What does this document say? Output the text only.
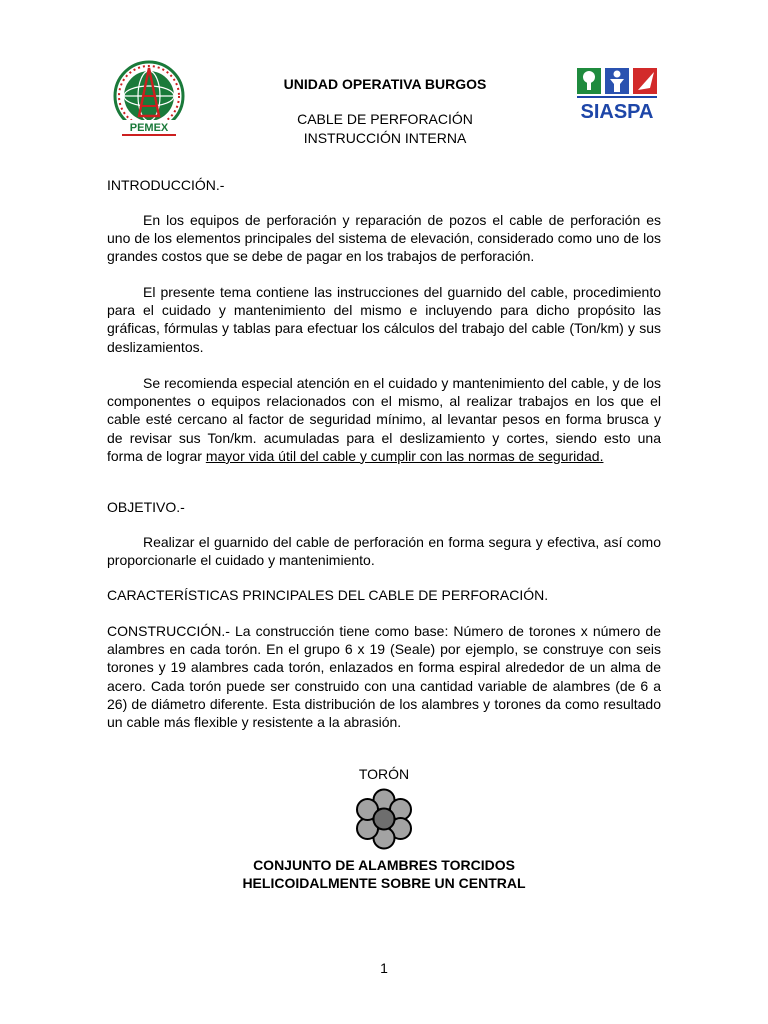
PEMEX
UNIDAD OPERATIVA BURGOS
CABLE DE PERFORACIÓN
INSTRUCCIÓN INTERNA
SIASPA
INTRODUCCIÓN.-
En los equipos de perforación y reparación de pozos el cable de perforación es uno de los elementos principales del sistema de elevación, considerado como uno de los grandes costos que se debe de pagar en los trabajos de perforación.
El presente tema contiene las instrucciones del guarnido del cable, procedimiento para el cuidado y mantenimiento del mismo e incluyendo para dicho propósito las gráficas, fórmulas y tablas para efectuar los cálculos del trabajo del cable (Ton/km) y sus deslizamientos.
Se recomienda especial atención en el cuidado y mantenimiento del cable, y de los componentes o equipos relacionados con el mismo, al realizar trabajos en los que el cable esté cercano al factor de seguridad mínimo, al levantar pesos en forma brusca y de revisar sus Ton/km. acumuladas para el deslizamiento y cortes, siendo esto una forma de lograr mayor vida útil del cable y cumplir con las normas de seguridad.
OBJETIVO.-
Realizar el guarnido del cable de perforación en forma segura y efectiva, así como proporcionarle el cuidado y mantenimiento.
CARACTERÍSTICAS PRINCIPALES DEL CABLE DE PERFORACIÓN.
CONSTRUCCIÓN.- La construcción tiene como base: Número de torones x número de alambres en cada torón. En el grupo 6 x 19 (Seale) por ejemplo, se construye con seis torones y 19 alambres cada torón, enlazados en forma espiral alrededor de un alma de acero. Cada torón puede ser construido con una cantidad variable de alambres (de 6 a 26) de diámetro diferente. Esta distribución de los alambres y torones da como resultado un cable más flexible y resistente a la abrasión.
TORÓN
CONJUNTO DE ALAMBRES TORCIDOS
HELICOIDALMENTE SOBRE UN CENTRAL
1
